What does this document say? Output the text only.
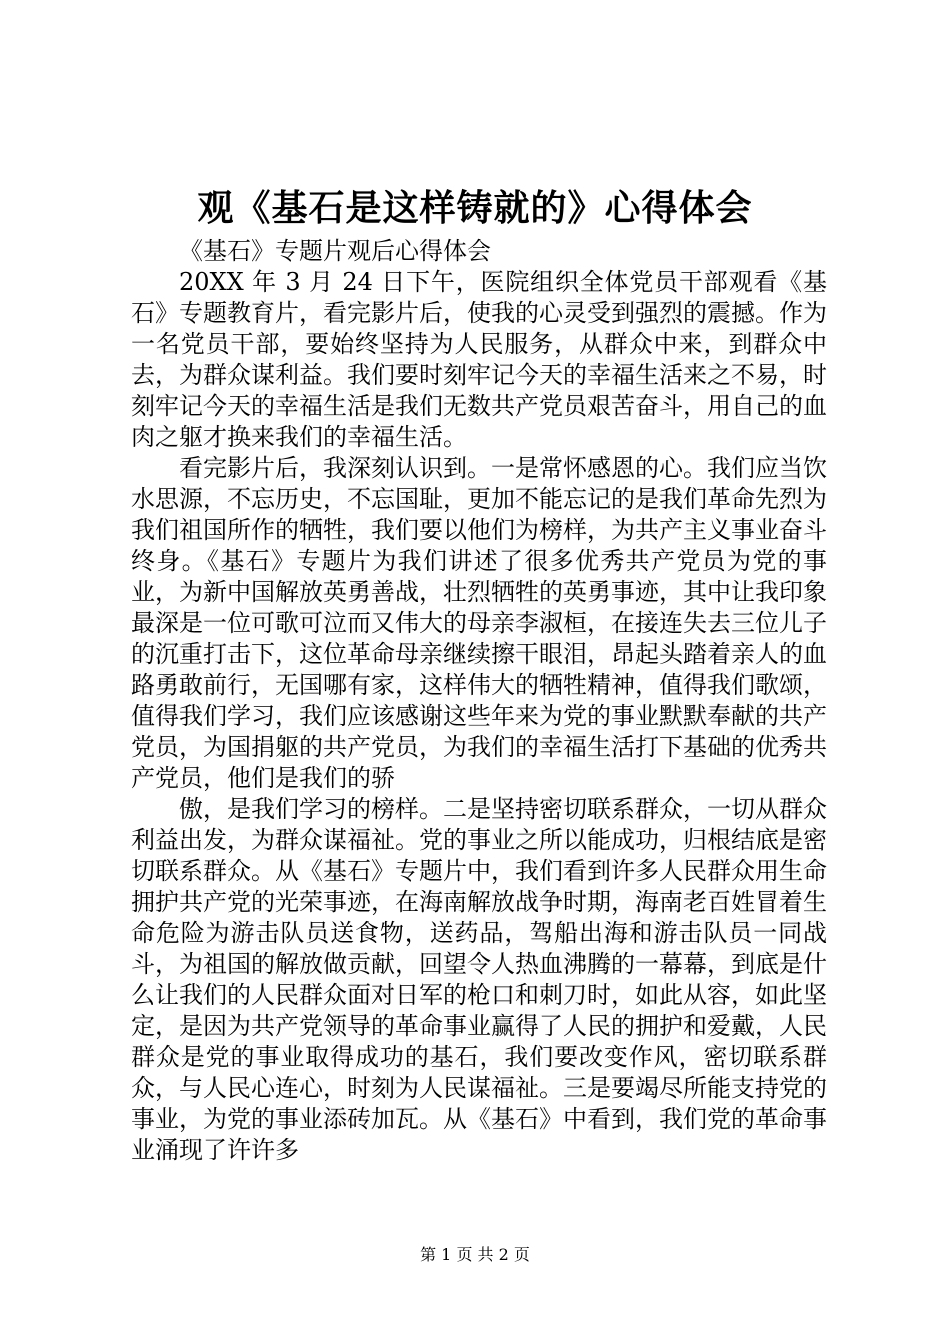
观《基石是这样铸就的》心得体会

《基石》专题片观后心得体会

20XX 年 3 月 24 日下午，医院组织全体党员干部观看《基石》专题教育片，看完影片后，使我的心灵受到强烈的震撼。作为一名党员干部，要始终坚持为人民服务，从群众中来，到群众中去，为群众谋利益。我们要时刻牢记今天的幸福生活来之不易，时刻牢记今天的幸福生活是我们无数共产党员艰苦奋斗，用自己的血肉之躯才换来我们的幸福生活。

看完影片后，我深刻认识到。一是常怀感恩的心。我们应当饮水思源，不忘历史，不忘国耻，更加不能忘记的是我们革命先烈为我们祖国所作的牺牲，我们要以他们为榜样，为共产主义事业奋斗终身。《基石》专题片为我们讲述了很多优秀共产党员为党的事业，为新中国解放英勇善战，壮烈牺牲的英勇事迹，其中让我印象最深是一位可歌可泣而又伟大的母亲李淑桓，在接连失去三位儿子的沉重打击下，这位革命母亲继续擦干眼泪，昂起头踏着亲人的血路勇敢前行，无国哪有家，这样伟大的牺牲精神，值得我们歌颂，值得我们学习，我们应该感谢这些年来为党的事业默默奉献的共产党员，为国捐躯的共产党员，为我们的幸福生活打下基础的优秀共产党员，他们是我们的骄

傲，是我们学习的榜样。二是坚持密切联系群众，一切从群众利益出发，为群众谋福祉。党的事业之所以能成功，归根结底是密切联系群众。从《基石》专题片中，我们看到许多人民群众用生命拥护共产党的光荣事迹，在海南解放战争时期，海南老百姓冒着生命危险为游击队员送食物，送药品，驾船出海和游击队员一同战斗，为祖国的解放做贡献，回望令人热血沸腾的一幕幕，到底是什么让我们的人民群众面对日军的枪口和刺刀时，如此从容，如此坚定，是因为共产党领导的革命事业赢得了人民的拥护和爱戴，人民群众是党的事业取得成功的基石，我们要改变作风，密切联系群众，与人民心连心，时刻为人民谋福祉。三是要竭尽所能支持党的事业，为党的事业添砖加瓦。从《基石》中看到，我们党的革命事业涌现了许许多

第 1 页 共 2 页
